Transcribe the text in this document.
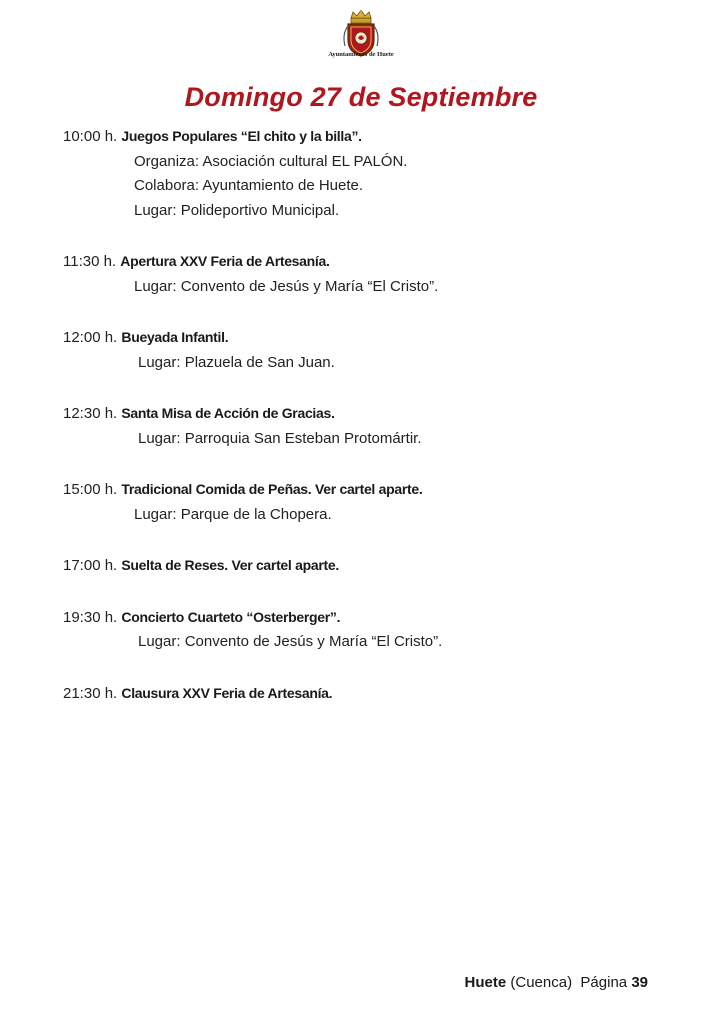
Ayuntamiento de Huete
Domingo 27 de Septiembre
10:00 h. Juegos Populares “El chito y la billa”.
Organiza: Asociación cultural EL PALÓN.
Colabora: Ayuntamiento de Huete.
Lugar: Polideportivo Municipal.
11:30 h. Apertura XXV Feria de Artesanía.
Lugar: Convento de Jesús y María “El Cristo”.
12:00 h. Bueyada Infantil.
Lugar: Plazuela de San Juan.
12:30 h. Santa Misa de Acción de Gracias.
Lugar: Parroquia San Esteban Protomártir.
15:00 h. Tradicional Comida de Peñas. Ver cartel aparte.
Lugar: Parque de la Chopera.
17:00 h. Suelta de Reses. Ver cartel aparte.
19:30 h. Concierto Cuarteto “Osterberger”.
Lugar: Convento de Jesús y María “El Cristo”.
21:30 h. Clausura XXV Feria de Artesanía.
Huete (Cuenca) Página 39
